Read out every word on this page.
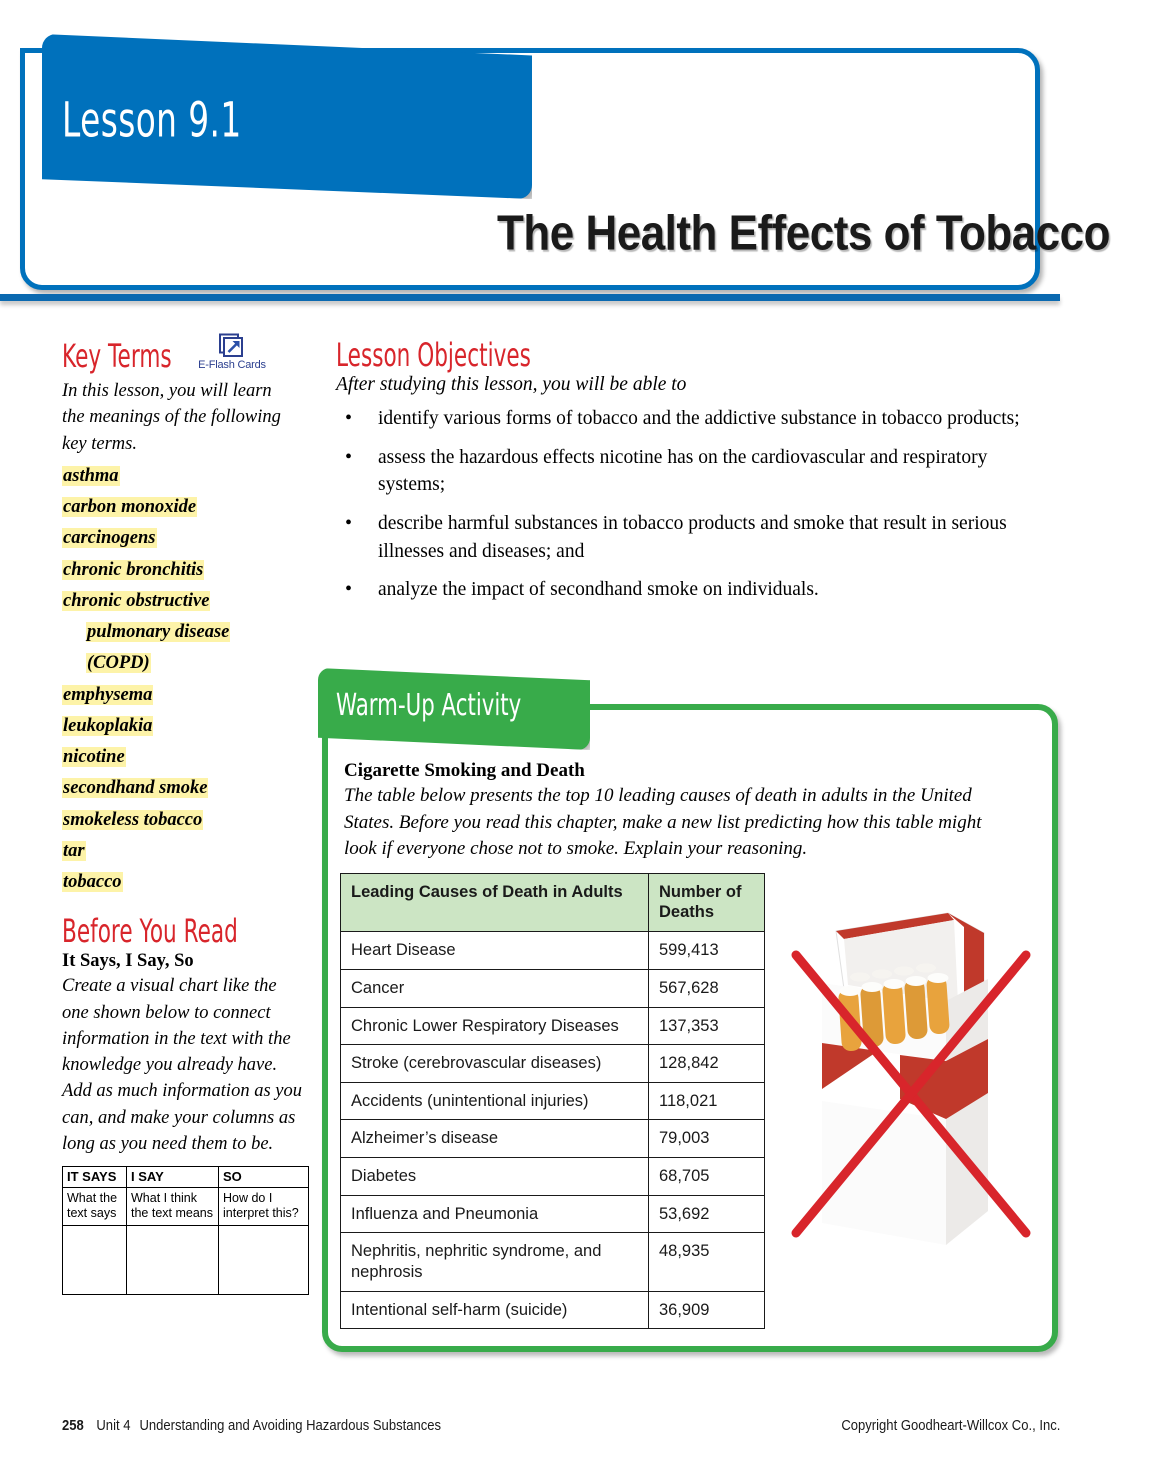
Lesson 9.1
The Health Effects of Tobacco
Key Terms	E-Flash Cards
In this lesson, you will learn the meanings of the following key terms.
asthma
carbon monoxide
carcinogens
chronic bronchitis
chronic obstructive
pulmonary disease
(COPD)
emphysema
leukoplakia
nicotine
secondhand smoke
smokeless tobacco
tar
tobacco
Before You Read
It Says, I Say, So
Create a visual chart like the one shown below to connect information in the text with the knowledge you already have. Add as much information as you can, and make your columns as long as you need them to be.
IT SAYS	I SAY	SO
What the text says	What I think the text means	How do I interpret this?

Lesson Objectives
After studying this lesson, you will be able to
• identify various forms of tobacco and the addictive substance in tobacco products;
• assess the hazardous effects nicotine has on the cardiovascular and respiratory systems;
• describe harmful substances in tobacco products and smoke that result in serious illnesses and diseases; and
• analyze the impact of secondhand smoke on individuals.
Warm-Up Activity
Cigarette Smoking and Death
The table below presents the top 10 leading causes of death in adults in the United States. Before you read this chapter, make a new list predicting how this table might look if everyone chose not to smoke. Explain your reasoning.
Leading Causes of Death in Adults	Number of Deaths
Heart Disease	599,413
Cancer	567,628
Chronic Lower Respiratory Diseases	137,353
Stroke (cerebrovascular diseases)	128,842
Accidents (unintentional injuries)	118,021
Alzheimer’s disease	79,003
Diabetes	68,705
Influenza and Pneumonia	53,692
Nephritis, nephritic syndrome, and nephrosis	48,935
Intentional self-harm (suicide)	36,909
258 Unit 4 Understanding and Avoiding Hazardous Substances	Copyright Goodheart-Willcox Co., Inc.
